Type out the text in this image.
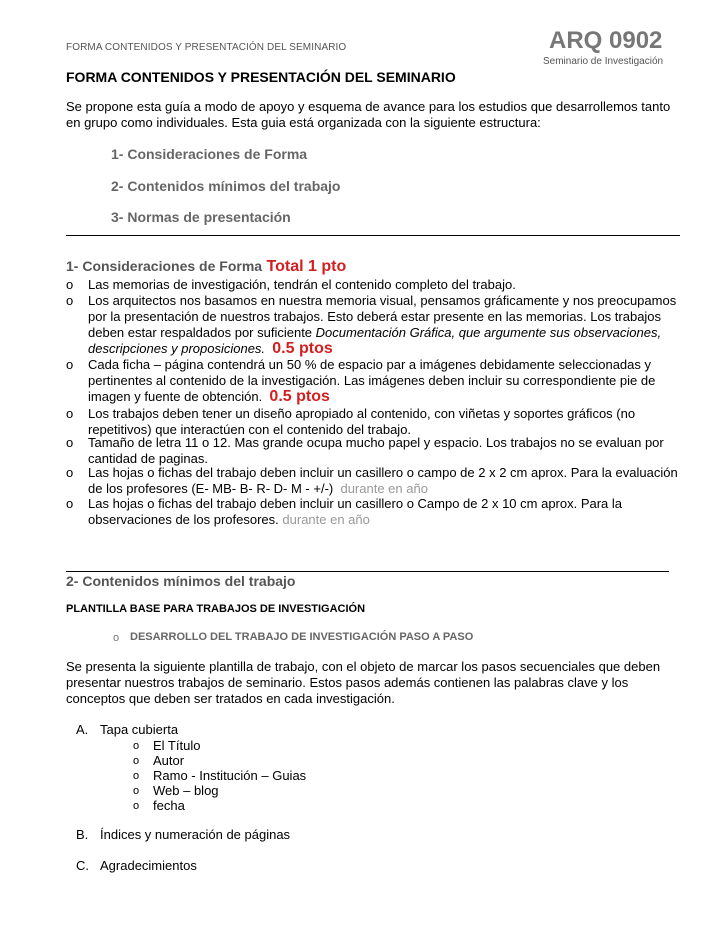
FORMA CONTENIDOS Y PRESENTACIÓN DEL SEMINARIO	ARQ 0902
Seminario de Investigación
FORMA CONTENIDOS Y PRESENTACIÓN DEL SEMINARIO
Se propone esta guía a modo de apoyo y esquema de avance para los estudios que desarrollemos tanto en grupo como individuales. Esta guia está organizada con la siguiente estructura:
1- Consideraciones de Forma
2- Contenidos mínimos del trabajo
3- Normas de presentación
1- Consideraciones de Forma Total 1 pto
o Las memorias de investigación, tendrán el contenido completo del trabajo.
o Los arquitectos nos basamos en nuestra memoria visual, pensamos gráficamente y nos preocupamos por la presentación de nuestros trabajos. Esto deberá estar presente en las memorias. Los trabajos deben estar respaldados por suficiente Documentación Gráfica, que argumente sus observaciones, descripciones y proposiciones. 0.5 ptos
o Cada ficha – página contendrá un 50 % de espacio par a imágenes debidamente seleccionadas y pertinentes al contenido de la investigación. Las imágenes deben incluir su correspondiente pie de imagen y fuente de obtención. 0.5 ptos
o Los trabajos deben tener un diseño apropiado al contenido, con viñetas y soportes gráficos (no repetitivos) que interactúen con el contenido del trabajo.
o Tamaño de letra 11 o 12. Mas grande ocupa mucho papel y espacio. Los trabajos no se evaluan por cantidad de paginas.
o Las hojas o fichas del trabajo deben incluir un casillero o campo de 2 x 2 cm aprox. Para la evaluación de los profesores (E- MB- B- R- D- M - +/-) durante en año
o Las hojas o fichas del trabajo deben incluir un casillero o Campo de 2 x 10 cm aprox. Para la observaciones de los profesores. durante en año
2- Contenidos mínimos del trabajo
PLANTILLA BASE PARA TRABAJOS DE INVESTIGACIÓN
o DESARROLLO DEL TRABAJO DE INVESTIGACIÓN PASO A PASO
Se presenta la siguiente plantilla de trabajo, con el objeto de marcar los pasos secuenciales que deben presentar nuestros trabajos de seminario. Estos pasos además contienen las palabras clave y los conceptos que deben ser tratados en cada investigación.
A. Tapa cubierta
o El Título
o Autor
o Ramo - Institución – Guias
o Web – blog
o fecha
B. Índices y numeración de páginas
C. Agradecimientos
